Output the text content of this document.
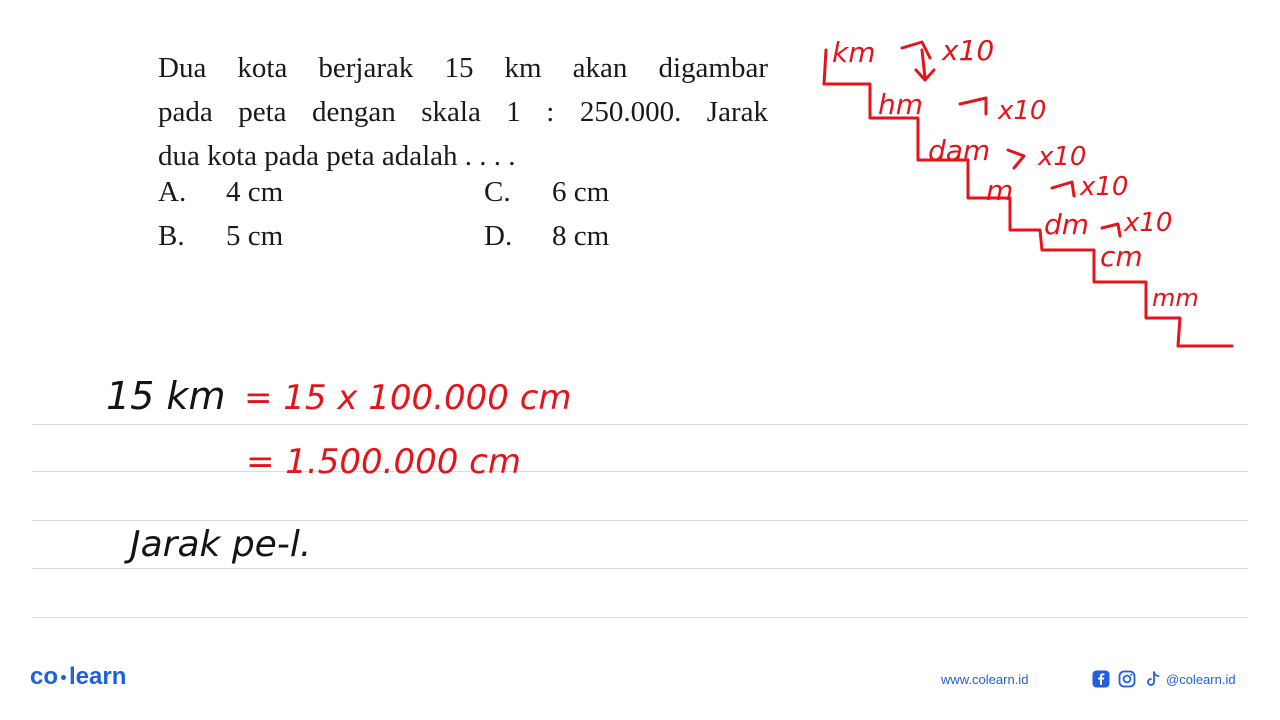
Dua kota berjarak 15 km akan digambar

pada peta dengan skala 1 : 250.000. Jarak

dua kota pada peta adalah . . . .

A. 4 cm
B. 5 cm
C. 6 cm
D. 8 cm
km x10
hm	x10
dam x10
m	x10
dm x10
cm
mm
15 km = 15 x 100.000 cm
= 1.500.000 cm
Jarak pe-l.
co learn	www.colearn.id	@colearn.id
